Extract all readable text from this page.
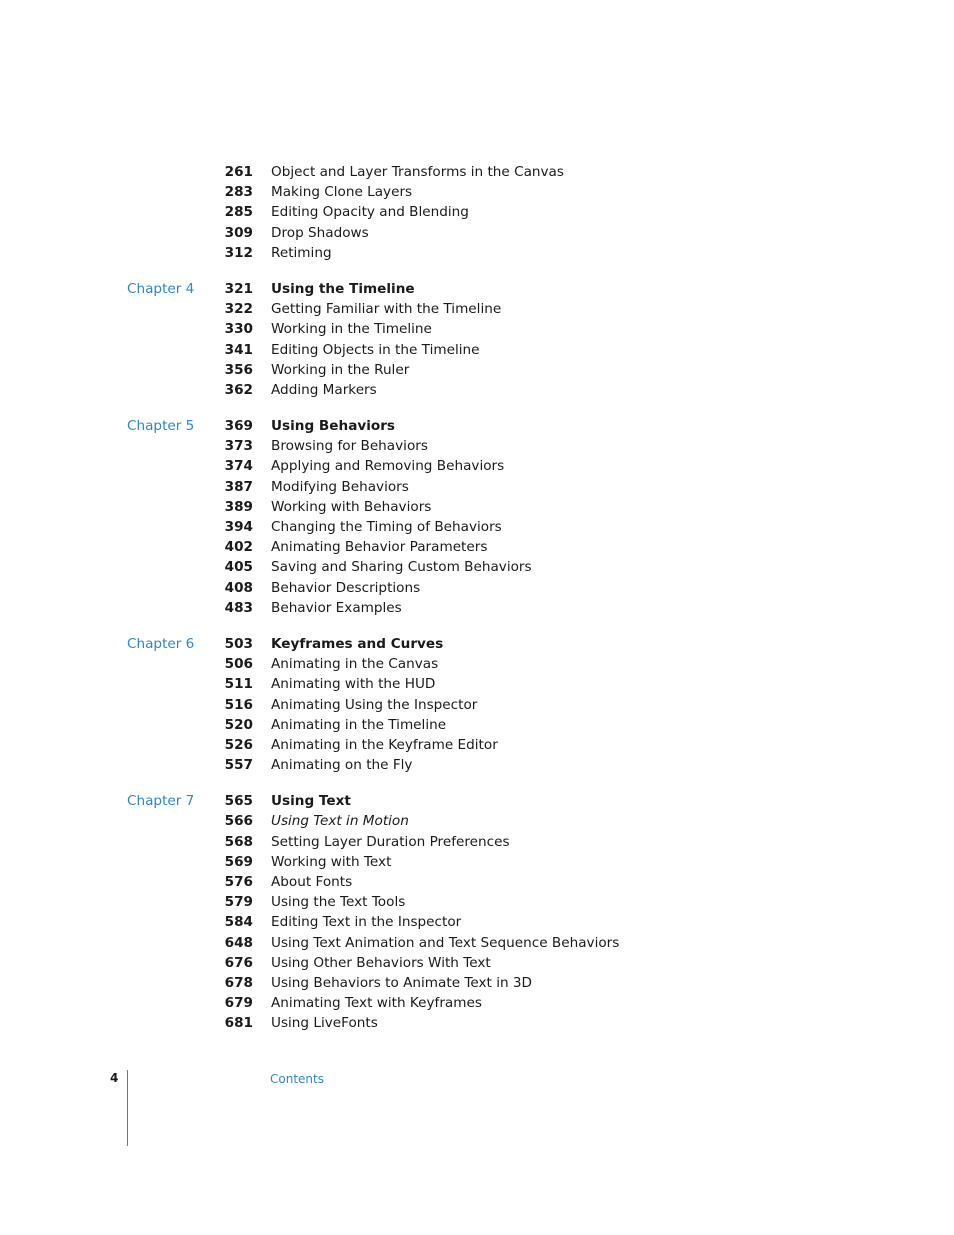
261 Object and Layer Transforms in the Canvas
283 Making Clone Layers
285 Editing Opacity and Blending
309 Drop Shadows
312 Retiming
Chapter 4	321 Using the Timeline
322 Getting Familiar with the Timeline
330 Working in the Timeline
341 Editing Objects in the Timeline
356 Working in the Ruler
362 Adding Markers
Chapter 5	369 Using Behaviors
373 Browsing for Behaviors
374 Applying and Removing Behaviors
387 Modifying Behaviors
389 Working with Behaviors
394 Changing the Timing of Behaviors
402 Animating Behavior Parameters
405 Saving and Sharing Custom Behaviors
408 Behavior Descriptions
483 Behavior Examples
Chapter 6	503 Keyframes and Curves
506 Animating in the Canvas
511 Animating with the HUD
516 Animating Using the Inspector
520 Animating in the Timeline
526 Animating in the Keyframe Editor
557 Animating on the Fly
Chapter 7	565 Using Text
566 Using Text in Motion
568 Setting Layer Duration Preferences
569 Working with Text
576 About Fonts
579 Using the Text Tools
584 Editing Text in the Inspector
648 Using Text Animation and Text Sequence Behaviors
676 Using Other Behaviors With Text
678 Using Behaviors to Animate Text in 3D
679 Animating Text with Keyframes
681 Using LiveFonts
4	Contents
